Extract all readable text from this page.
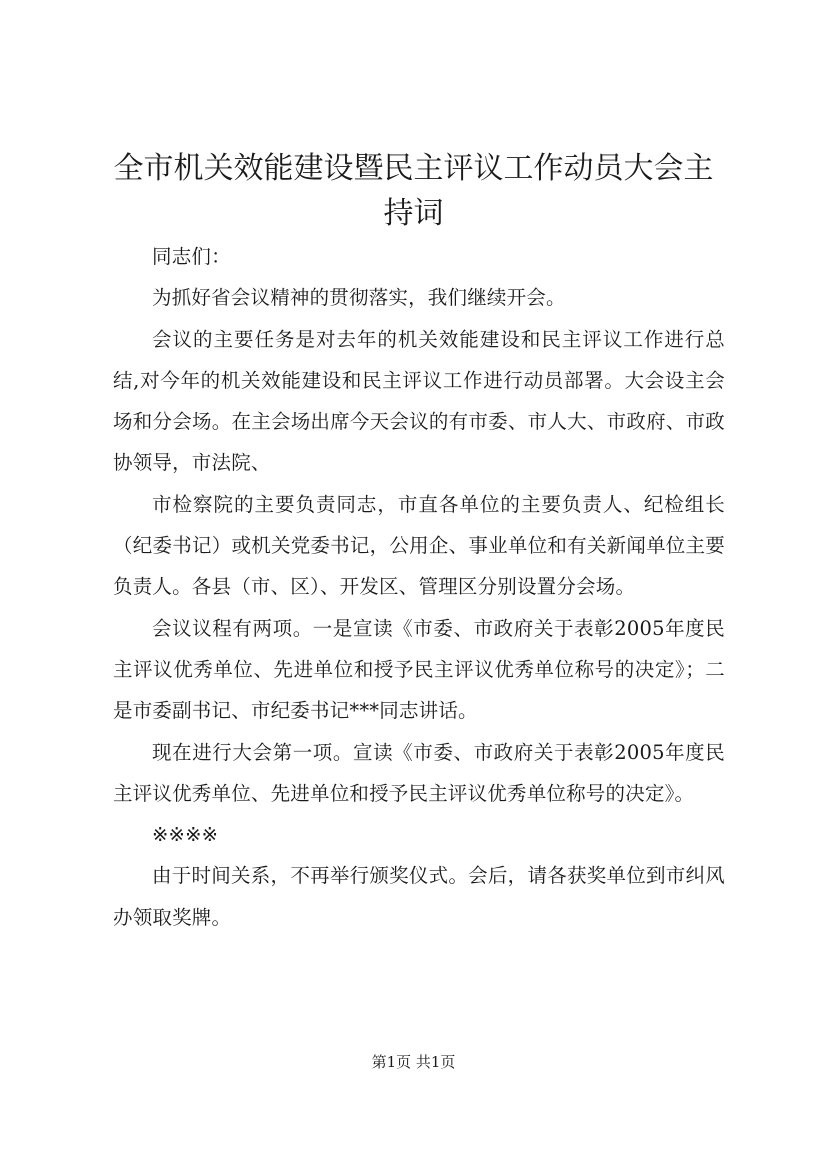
全市机关效能建设暨民主评议工作动员大会主持词

同志们：

为抓好省会议精神的贯彻落实，我们继续开会。

会议的主要任务是对去年的机关效能建设和民主评议工作进行总结,对今年的机关效能建设和民主评议工作进行动员部署。大会设主会场和分会场。在主会场出席今天会议的有市委、市人大、市政府、市政协领导，市法院、

市检察院的主要负责同志，市直各单位的主要负责人、纪检组长（纪委书记）或机关党委书记，公用企、事业单位和有关新闻单位主要负责人。各县（市、区）、开发区、管理区分别设置分会场。

会议议程有两项。一是宣读《市委、市政府关于表彰2005年度民主评议优秀单位、先进单位和授予民主评议优秀单位称号的决定》；二是市委副书记、市纪委书记***同志讲话。

现在进行大会第一项。宣读《市委、市政府关于表彰2005年度民主评议优秀单位、先进单位和授予民主评议优秀单位称号的决定》。

※※※※

由于时间关系，不再举行颁奖仪式。会后，请各获奖单位到市纠风办领取奖牌。

第1页 共1页
